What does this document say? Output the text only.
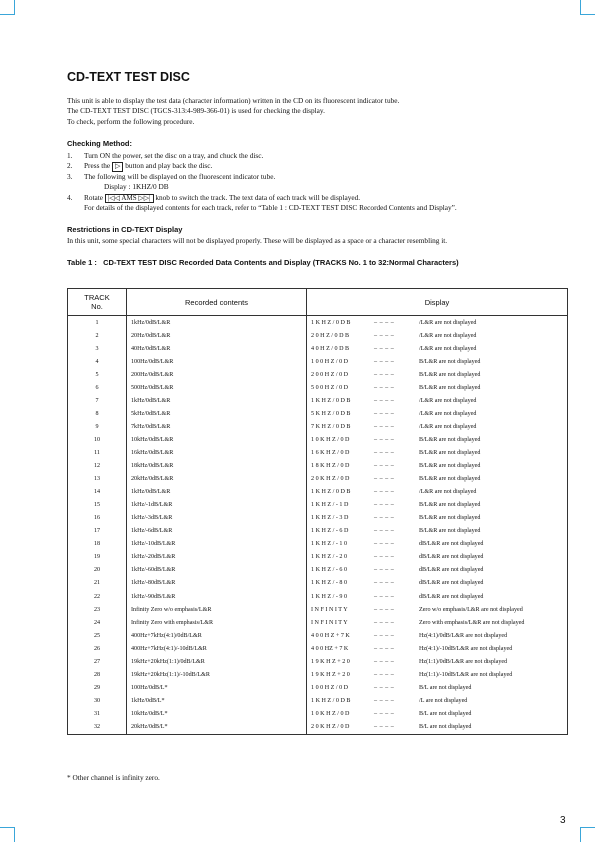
CD-TEXT TEST DISC
This unit is able to display the test data (character information) written in the CD on its fluorescent indicator tube.
The CD-TEXT TEST DISC (TGCS-313:4-989-366-01) is used for checking the display.
To check, perform the following procedure.
Checking Method:
1. Turn ON the power, set the disc on a tray, and chuck the disc.
2. Press the ▷ button and play back the disc.
3. The following will be displayed on the fluorescent indicator tube.
Display : 1KHZ/0 DB
4. Rotate |◁◁ AMS ▷▷| knob to switch the track. The text data of each track will be displayed.
For details of the displayed contents for each track, refer to “Table 1 : CD-TEXT TEST DISC Recorded Contents and Display”.
Restrictions in CD-TEXT Display
In this unit, some special characters will not be displayed properly. These will be displayed as a space or a character resembling it.
Table 1 : CD-TEXT TEST DISC Recorded Data Contents and Display (TRACKS No. 1 to 32:Normal Characters)
TRACK
No.	Recorded contents	Display
1	1kHz/0dB/L&R	1 K H Z / 0 D B – – – – /L&R are not displayed
2	20Hz/0dB/L&R	2 0 H Z / 0 D B – – – – /L&R are not displayed
3	40Hz/0dB/L&R	4 0 H Z / 0 D B – – – – /L&R are not displayed
4	100Hz/0dB/L&R	1 0 0 H Z / 0 D – – – – B/L&R are not displayed
5	200Hz/0dB/L&R	2 0 0 H Z / 0 D – – – – B/L&R are not displayed
6	500Hz/0dB/L&R	5 0 0 H Z / 0 D – – – – B/L&R are not displayed
7	1kHz/0dB/L&R	1 K H Z / 0 D B – – – – /L&R are not displayed
8	5kHz/0dB/L&R	5 K H Z / 0 D B – – – – /L&R are not displayed
9	7kHz/0dB/L&R	7 K H Z / 0 D B – – – – /L&R are not displayed
10	10kHz/0dB/L&R	1 0 K H Z / 0 D – – – – B/L&R are not displayed
11	16kHz/0dB/L&R	1 6 K H Z / 0 D – – – – B/L&R are not displayed
12	18kHz/0dB/L&R	1 8 K H Z / 0 D – – – – B/L&R are not displayed
13	20kHz/0dB/L&R	2 0 K H Z / 0 D – – – – B/L&R are not displayed
14	1kHz/0dB/L&R	1 K H Z / 0 D B – – – – /L&R are not displayed
15	1kHz/-1dB/L&R	1 K H Z / - 1 D – – – – B/L&R are not displayed
16	1kHz/-3dB/L&R	1 K H Z / - 3 D – – – – B/L&R are not displayed
17	1kHz/-6dB/L&R	1 K H Z / - 6 D – – – – B/L&R are not displayed
18	1kHz/-10dB/L&R	1 K H Z / - 1 0 – – – – dB/L&R are not displayed
19	1kHz/-20dB/L&R	1 K H Z / - 2 0 – – – – dB/L&R are not displayed
20	1kHz/-60dB/L&R	1 K H Z / - 6 0 – – – – dB/L&R are not displayed
21	1kHz/-80dB/L&R	1 K H Z / - 8 0 – – – – dB/L&R are not displayed
22	1kHz/-90dB/L&R	1 K H Z / - 9 0 – – – – dB/L&R are not displayed
23	Infinity Zero w/o emphasis/L&R	I N F I N I T Y – – – – Zero w/o emphasis/L&R are not displayed
24	Infinity Zero with emphasis/L&R	I N F I N I T Y – – – – Zero with emphasis/L&R are not displayed
25	400Hz+7kHz(4:1)/0dB/L&R	4 0 0 H Z + 7 K – – – – Hz(4:1)/0dB/L&R are not displayed
26	400Hz+7kHz(4:1)/-10dB/L&R	4 0 0 HZ + 7 K – – – – Hz(4:1)/-10dB/L&R are not displayed
27	19kHz+20kHz(1:1)/0dB/L&R	1 9 K H Z + 2 0 – – – – Hz(1:1)/0dB/L&R are not displayed
28	19kHz+20kHz(1:1)/-10dB/L&R	1 9 K H Z + 2 0 – – – – Hz(1:1)/-10dB/L&R are not displayed
29	100Hz/0dB/L*	1 0 0 H Z / 0 D – – – – B/L are not displayed
30	1kHz/0dB/L*	1 K H Z / 0 D B – – – – /L are not displayed
31	10kHz/0dB/L*	1 0 K H Z / 0 D – – – – B/L are not displayed
32	20kHz/0dB/L*	2 0 K H Z / 0 D – – – – B/L are not displayed
* Other channel is infinity zero.
3
